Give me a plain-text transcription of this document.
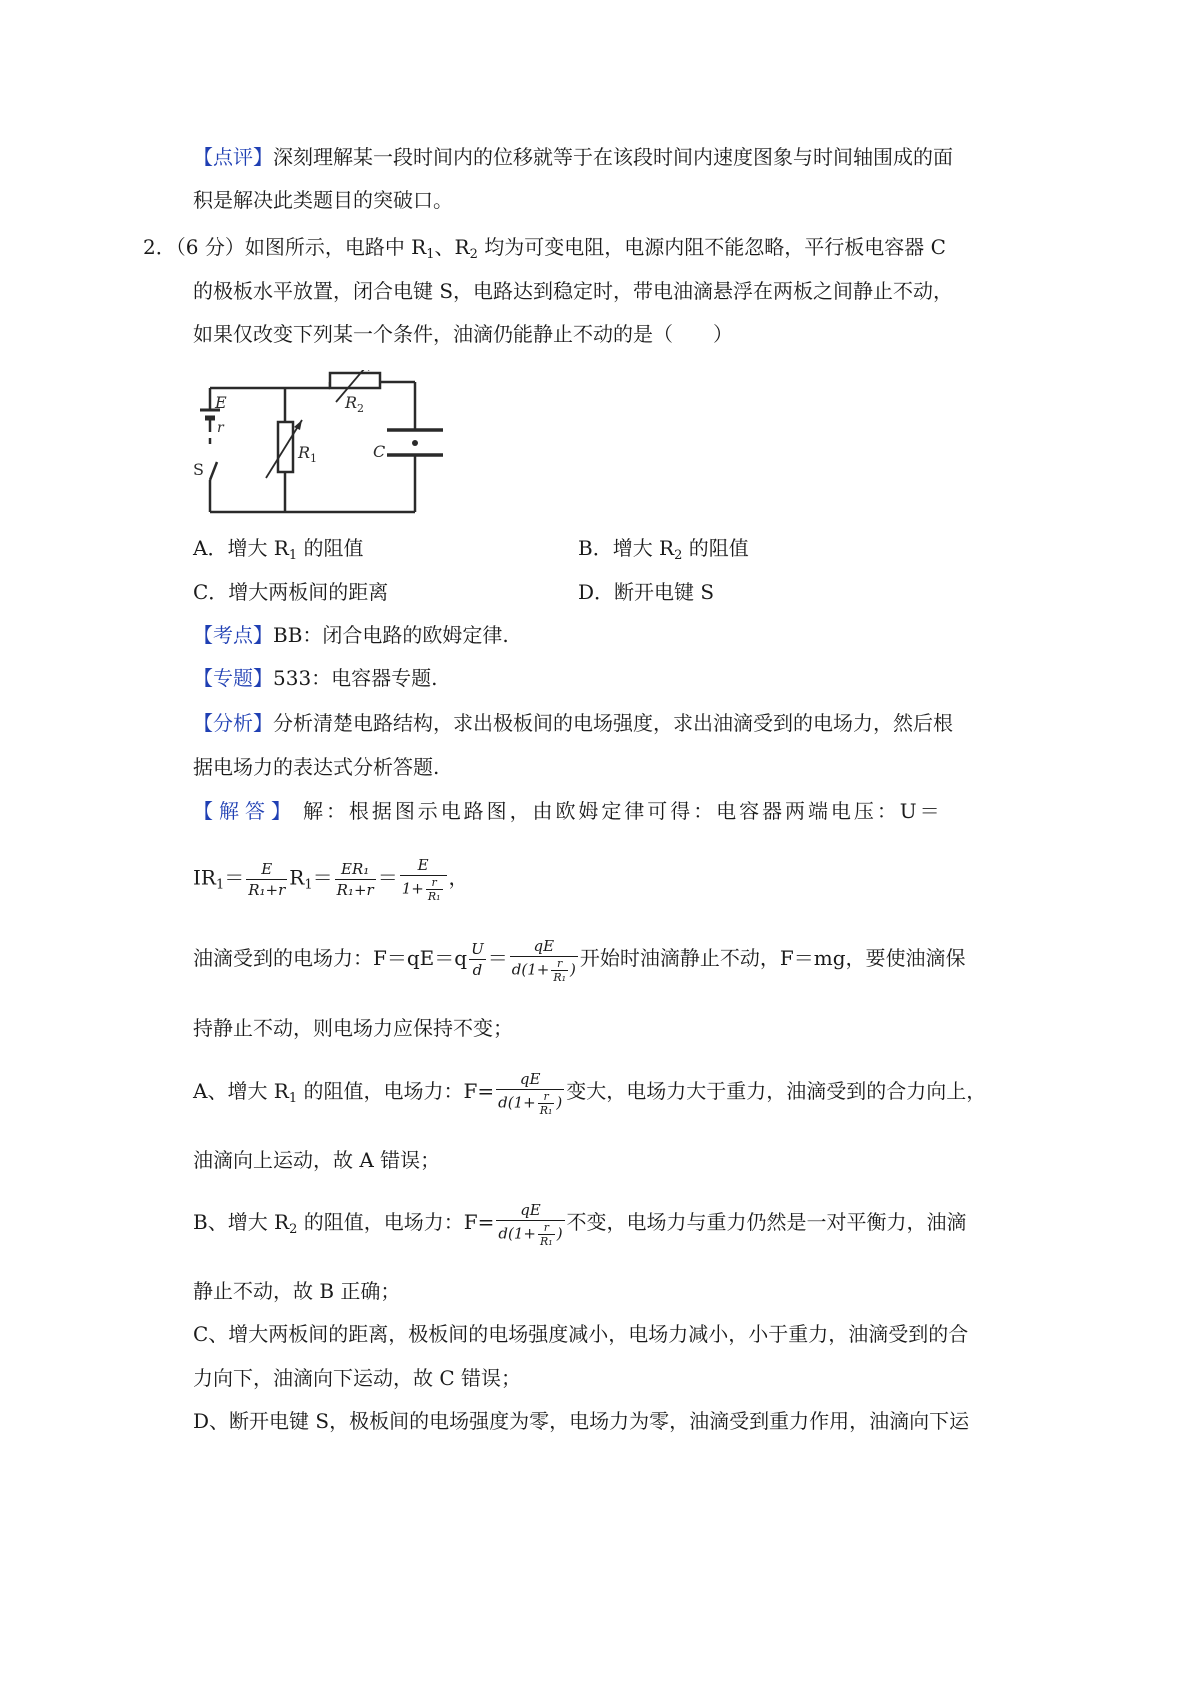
【点评】深刻理解某一段时间内的位移就等于在该段时间内速度图象与时间轴围成的面
积是解决此类题目的突破口。
2．（6 分）如图所示，电路中 $R_1$、$R_2$ 均为可变电阻，电源内阻不能忽略，平行板电容器 C
的极板水平放置，闭合电键 S，电路达到稳定时，带电油滴悬浮在两板之间静止不动，
如果仅改变下列某一个条件，油滴仍能静止不动的是（　　）
E
r
S
$R_1$
$R_2$
C
A．增大 $R_1$ 的阻值	B．增大 $R_2$ 的阻值
C．增大两板间的距离	D．断开电键 S
【考点】BB：闭合电路的欧姆定律.
【专题】533：电容器专题.
【分析】分析清楚电路结构，求出极板间的电场强度，求出油滴受到的电场力，然后根
据电场力的表达式分析答题.
【解答】 解 ： 根 据 图 示 电 路 图 ， 由 欧 姆 定 律 可 得 ： 电 容 器 两 端 电 压 ： U ＝
$IR_1= \frac{E}{\text{R₁+r}} R_1= \frac{\text{ER₁}}{\text{R₁+r}} = \frac{E}{1+ \frac{r}{\text{R₁}}}$ ，
油滴受到的电场力：$F=qE=q \frac{U}{d} = \frac{qE}{d(1+ \frac{r}{\text{R₁}} )}$ 开始时油滴静止不动，F＝mg，要使油滴保
持静止不动，则电场力应保持不变；
A、增大 $R_1$ 的阻值，电场力：$F= \frac{qE}{d(1+ \frac{r}{\text{R₁}} )}$ 变大，电场力大于重力，油滴受到的合力向上，
油滴向上运动，故 A 错误；
B、增大 $R_2$ 的阻值，电场力：$F= \frac{qE}{d(1+ \frac{r}{\text{R₁}} )}$ 不变，电场力与重力仍然是一对平衡力，油滴
静止不动，故 B 正确；
C、增大两板间的距离，极板间的电场强度减小，电场力减小，小于重力，油滴受到的合
力向下，油滴向下运动，故 C 错误；
D、断开电键 S，极板间的电场强度为零，电场力为零，油滴受到重力作用，油滴向下运
